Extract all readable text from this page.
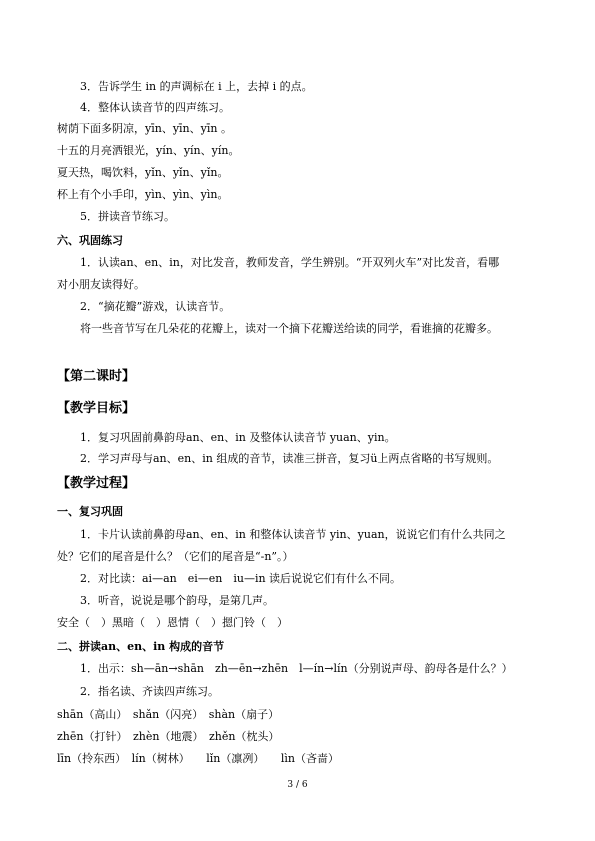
3．告诉学生 in 的声调标在 i 上，去掉 i 的点。
4．整体认读音节的四声练习。
树荫下面多阴凉，yīn、yīn、yīn 。
十五的月亮洒银光，yín、yín、yín。
夏天热，喝饮料，yǐn、yǐn、yǐn。
杯上有个小手印，yìn、yìn、yìn。
5．拼读音节练习。
六、巩固练习
1．认读an、en、in，对比发音，教师发音，学生辨别。“开双列火车”对比发音，看哪
对小朋友读得好。
2．“摘花瓣”游戏，认读音节。
将一些音节写在几朵花的花瓣上，读对一个摘下花瓣送给读的同学，看谁摘的花瓣多。
【第二课时】
【教学目标】
1．复习巩固前鼻韵母an、en、in 及整体认读音节 yuan、yin。
2．学习声母与an、en、in 组成的音节，读准三拼音，复习ü上两点省略的书写规则。
【教学过程】
一、复习巩固
1．卡片认读前鼻韵母an、en、in 和整体认读音节 yin、yuan，说说它们有什么共同之
处？它们的尾音是什么？（它们的尾音是“-n”。）
2．对比读：ai—an　ei—en　iu—in 读后说说它们有什么不同。
3．听音，说说是哪个韵母，是第几声。
安全（　）黑暗（　）恩情（　）摁门铃（　）
二、拼读an、en、in 构成的音节
1．出示：sh—ān→shān　zh—ēn→zhēn　l—ín→lín（分别说声母、韵母各是什么？）
2．指名读、齐读四声练习。
shān（高山）　shǎn（闪亮）　shàn（扇子）
zhēn（打针）　zhèn（地震）　zhěn（枕头）
līn（拎东西）　lín（树林）　　lǐn（凛冽）　　lìn（吝啬）
3 / 6
